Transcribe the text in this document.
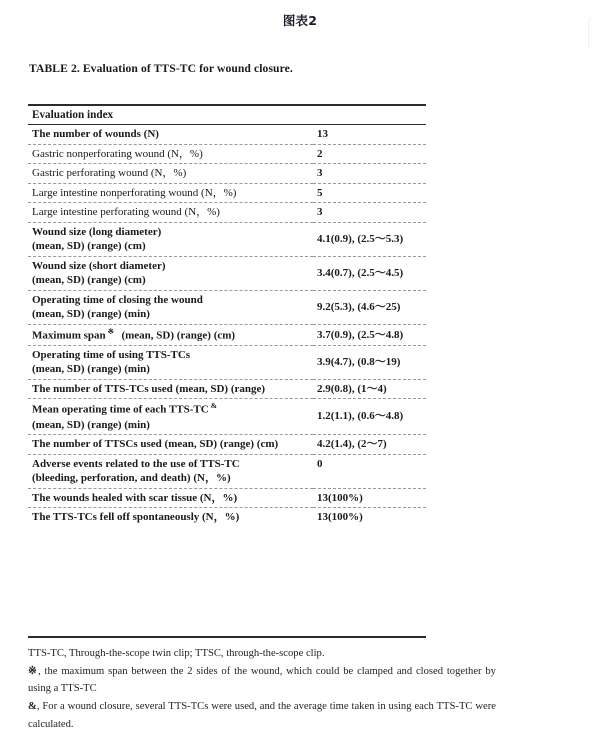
图表2
TABLE 2. Evaluation of TTS-TC for wound closure.
Evaluation index	

The number of wounds (N)	13

Gastric nonperforating wound (N，%)	2

Gastric perforating wound (N，%)	3

Large intestine nonperforating wound (N，%)	5

Large intestine perforating wound (N，%)	3

Wound size (long diameter)
(mean, SD) (range) (cm)	4.1(0.9), (2.5～5.3)

Wound size (short diameter)
(mean, SD) (range) (cm)	3.4(0.7), (2.5～4.5)

Operating time of closing the wound
(mean, SD) (range) (min)	9.2(5.3), (4.6～25)

Maximum span ※  (mean, SD) (range) (cm)	3.7(0.9), (2.5～4.8)

Operating time of using TTS-TCs
(mean, SD) (range) (min)	3.9(4.7), (0.8～19)

The number of TTS-TCs used (mean, SD) (range)	2.9(0.8), (1～4)

Mean operating time of each TTS-TC &
(mean, SD) (range) (min)	1.2(1.1), (0.6～4.8)

The number of TTSCs used (mean, SD) (range) (cm)	4.2(1.4), (2～7)

Adverse events related to the use of TTS-TC
(bleeding, perforation, and death) (N，%)	0

The wounds healed with scar tissue (N，%)	13(100%)

The TTS-TCs fell off spontaneously (N，%)	13(100%)

TTS-TC, Through-the-scope twin clip; TTSC, through-the-scope clip.

※, the maximum span between the 2 sides of the wound, which could be clamped and closed together by using a TTS-TC

&, For a wound closure, several TTS-TCs were used, and the average time taken in using each TTS-TC were calculated.
